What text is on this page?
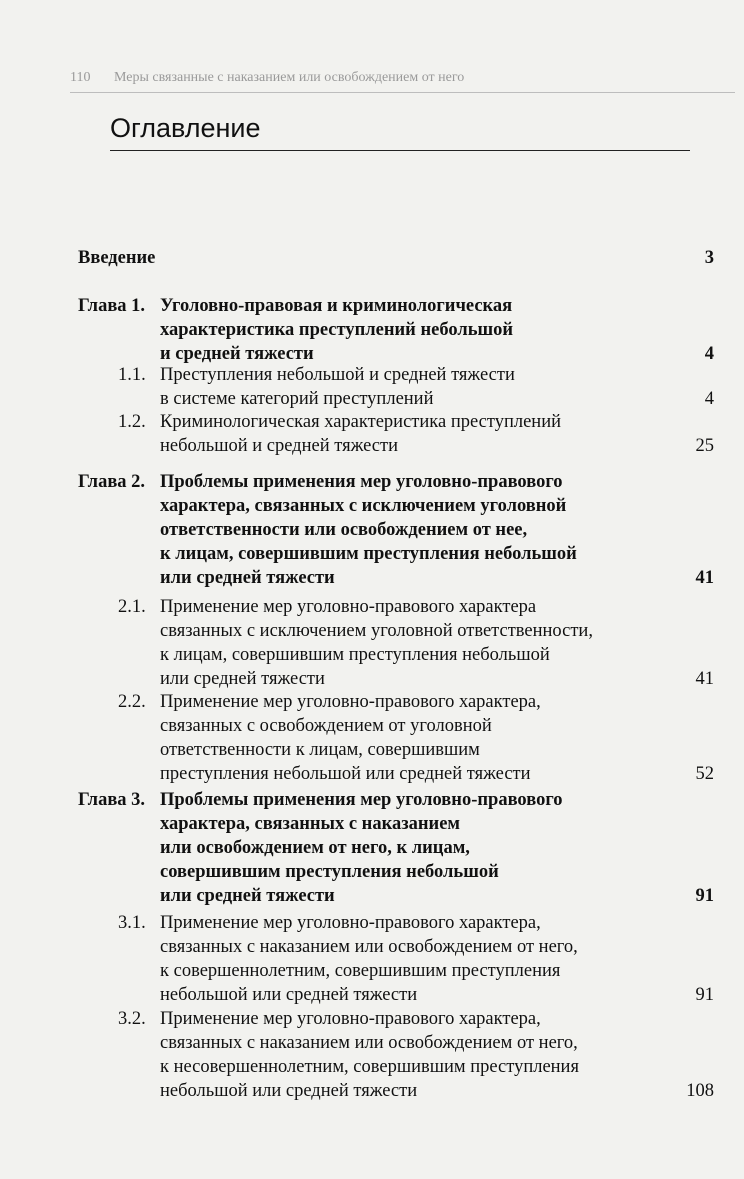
110 Меры связанные с наказанием или освобождением от него
Оглавление
Введение	3
Глава 1. Уголовно-правовая и криминологическая
характеристика преступлений небольшой
и средней тяжести	4
1.1. Преступления небольшой и средней тяжести
в системе категорий преступлений	4
1.2. Криминологическая характеристика преступлений
небольшой и средней тяжести	25
Глава 2. Проблемы применения мер уголовно-правового
характера, связанных с исключением уголовной
ответственности или освобождением от нее,
к лицам, совершившим преступления небольшой
или средней тяжести	41
2.1. Применение мер уголовно-правового характера
связанных с исключением уголовной ответственности,
к лицам, совершившим преступления небольшой
или средней тяжести	41
2.2. Применение мер уголовно-правового характера,
связанных с освобождением от уголовной
ответственности к лицам, совершившим
преступления небольшой или средней тяжести	52
Глава 3. Проблемы применения мер уголовно-правового
характера, связанных с наказанием
или освобождением от него, к лицам,
совершившим преступления небольшой
или средней тяжести	91
3.1. Применение мер уголовно-правового характера,
связанных с наказанием или освобождением от него,
к совершеннолетним, совершившим преступления
небольшой или средней тяжести	91
3.2. Применение мер уголовно-правового характера,
связанных с наказанием или освобождением от него,
к несовершеннолетним, совершившим преступления
небольшой или средней тяжести	108
